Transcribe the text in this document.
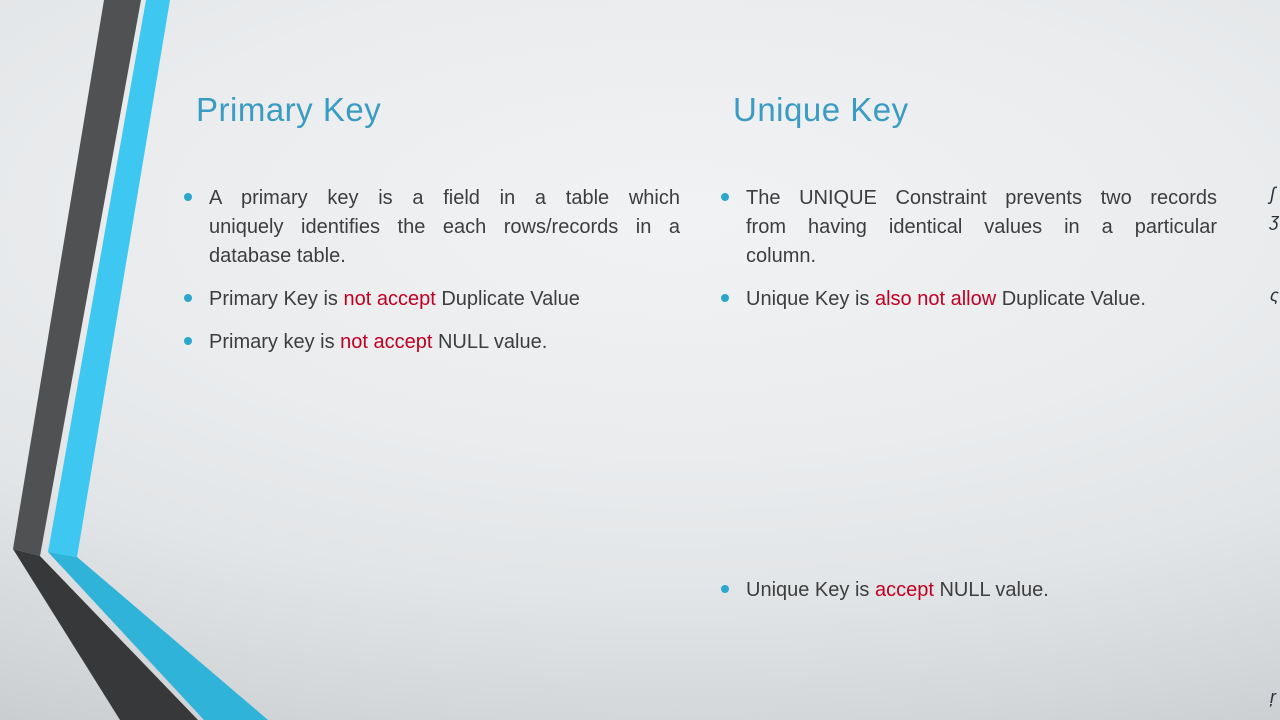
Primary Key

A primary key is a field in a table which
uniquely identifies the each rows/records in a
database table.

Primary Key is not accept Duplicate Value

Primary key is not accept NULL value.

Unique Key

The UNIQUE Constraint prevents two records
from having identical values in a particular
column.

Unique Key is also not allow Duplicate Value.

Unique Key is accept NULL value.

ʃ
ʒ
ς
ŗ
